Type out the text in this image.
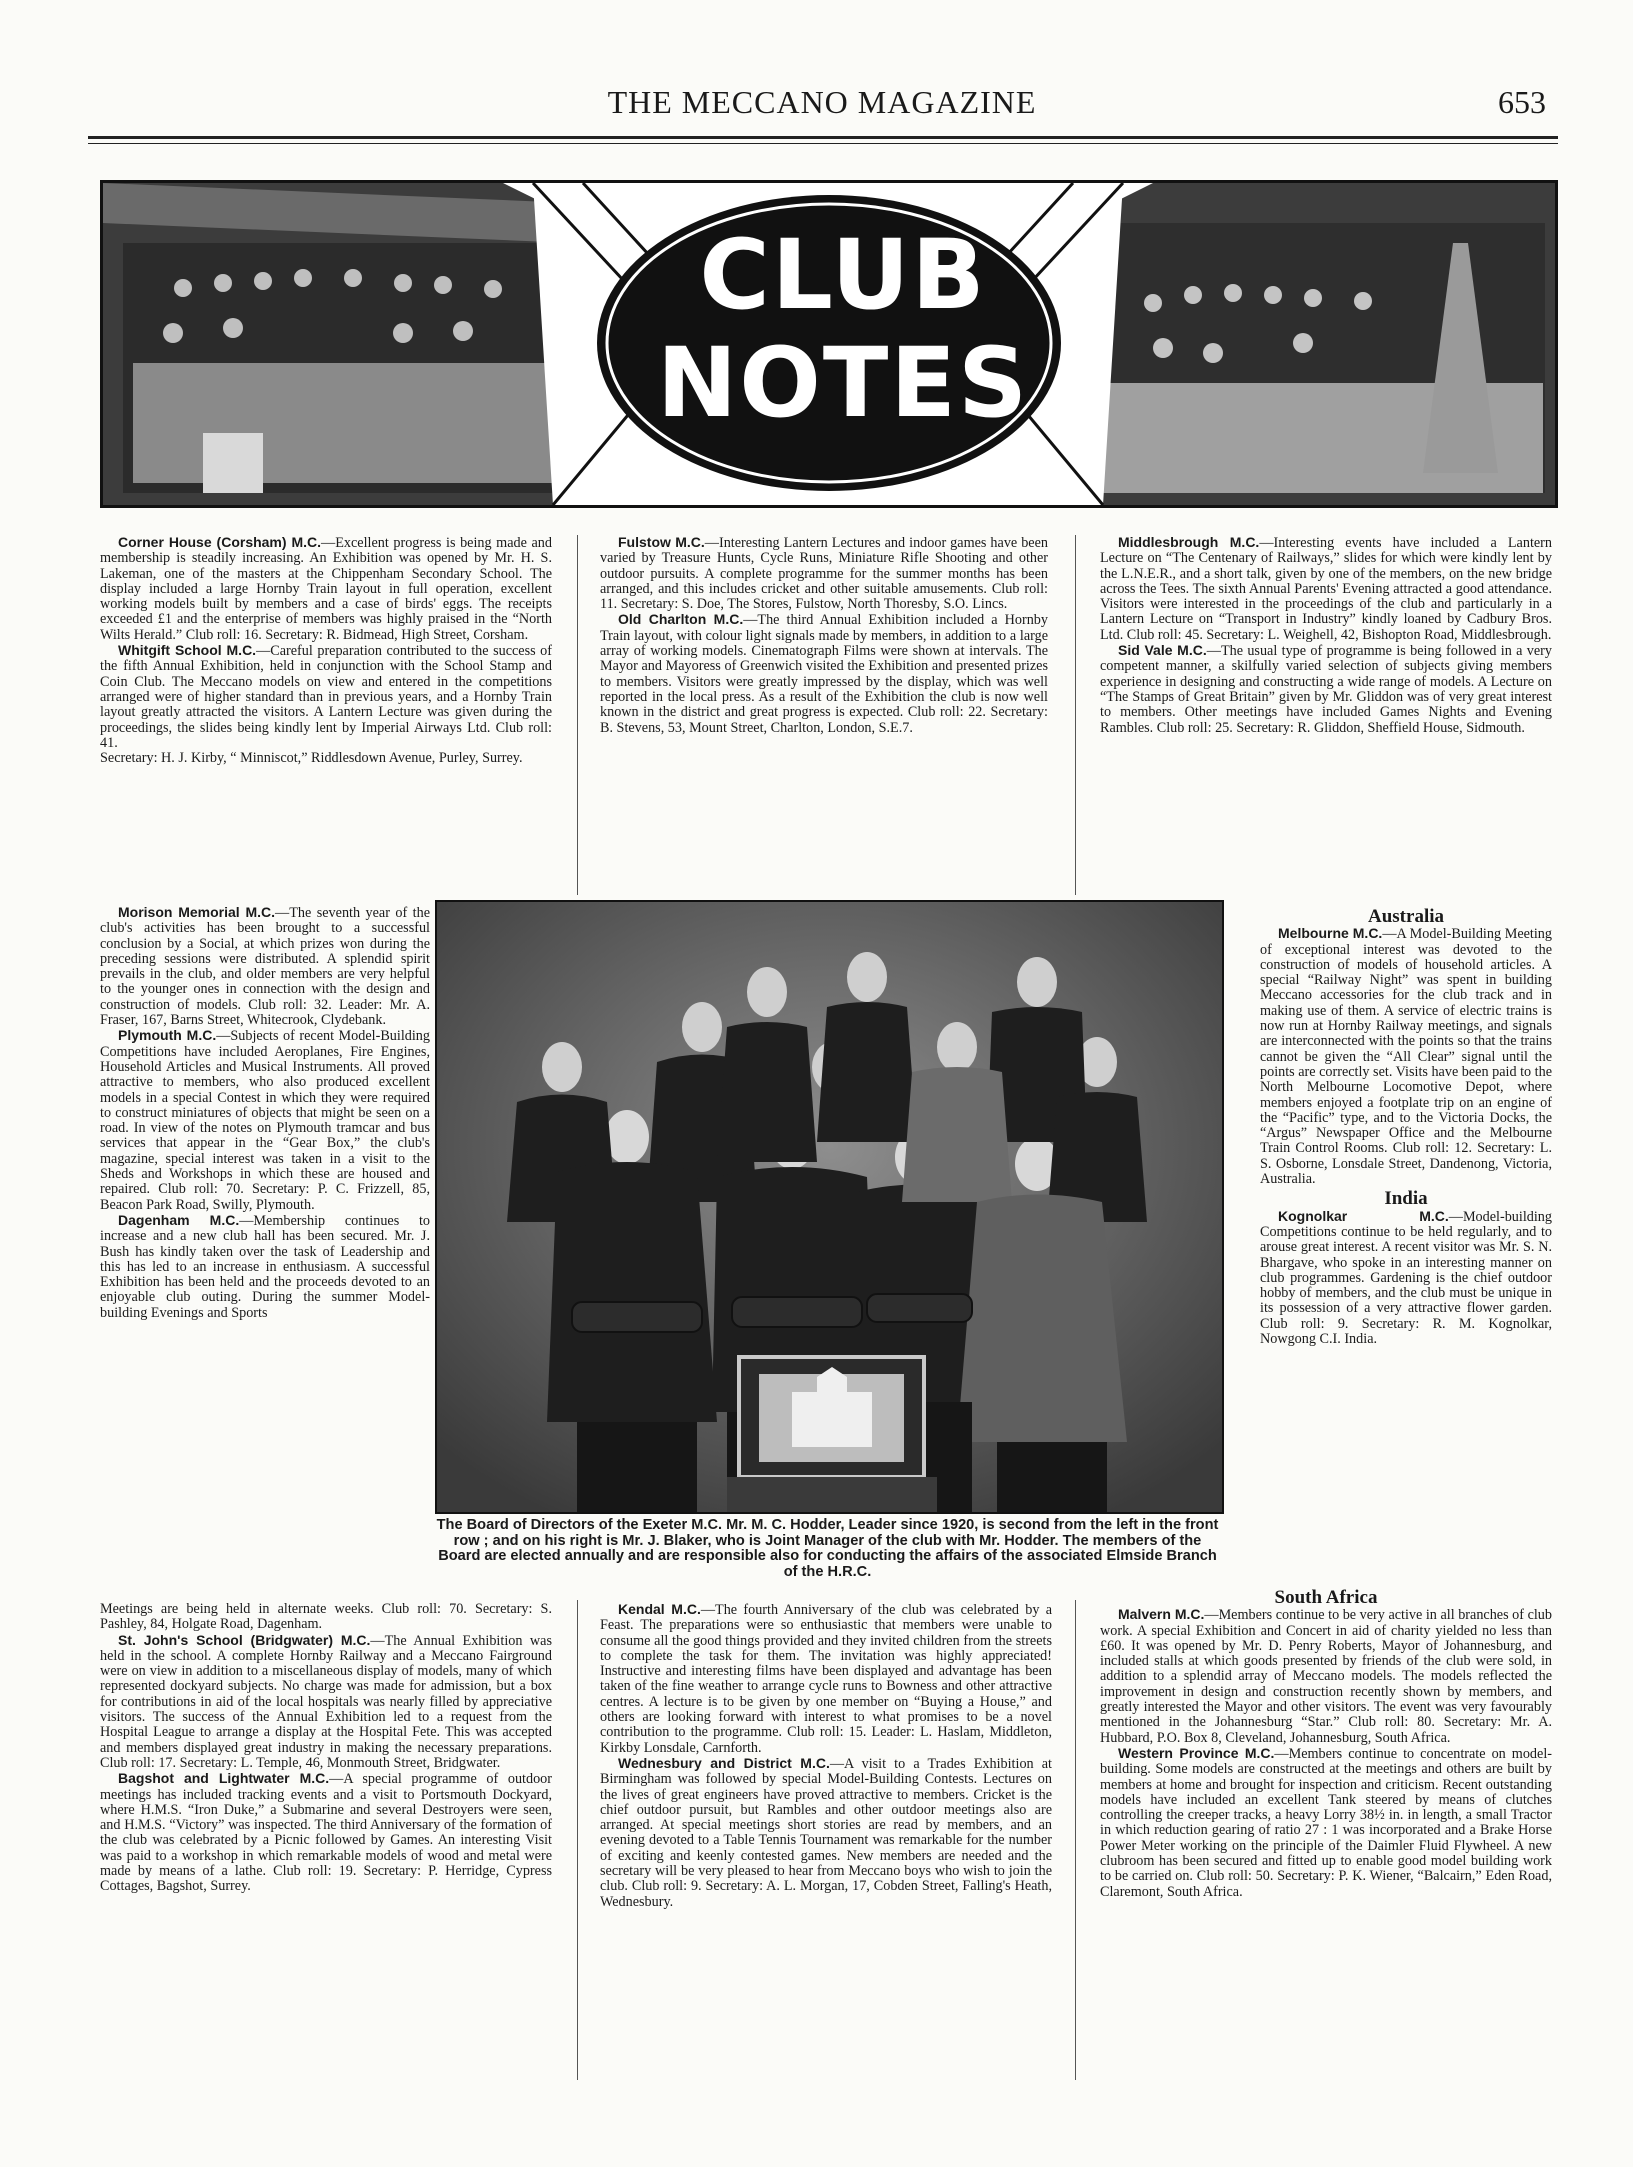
THE MECCANO MAGAZINE	653
CLUB
NOTES

Corner House (Corsham) M.C.—Excellent progress is being made and membership is steadily increasing. An Exhibition was opened by Mr. H. S. Lakeman, one of the masters at the Chippenham Secondary School. The display included a large Hornby Train layout in full operation, excellent working models built by members and a case of birds' eggs. The receipts exceeded £1 and the enterprise of members was highly praised in the “North Wilts Herald.” Club roll: 16. Secretary: R. Bidmead, High Street, Corsham.

Whitgift School M.C.—Careful preparation contributed to the success of the fifth Annual Exhibition, held in conjunction with the School Stamp and Coin Club. The Meccano models on view and entered in the competitions arranged were of higher standard than in previous years, and a Hornby Train layout greatly attracted the visitors. A Lantern Lecture was given during the proceedings, the slides being kindly lent by Imperial Airways Ltd. Club roll: 41.

Secretary: H. J. Kirby, “ Minniscot,” Riddlesdown Avenue, Purley, Surrey.

Morison Memorial M.C.—The seventh year of the club's activities has been brought to a successful conclusion by a Social, at which prizes won during the preceding sessions were distributed. A splendid spirit prevails in the club, and older members are very helpful to the younger ones in connection with the design and construction of models. Club roll: 32. Leader: Mr. A. Fraser, 167, Barns Street, Whitecrook, Clydebank.

Plymouth M.C.—Subjects of recent Model-Building Competitions have included Aeroplanes, Fire Engines, Household Articles and Musical Instruments. All proved attractive to members, who also produced excellent models in a special Contest in which they were required to construct miniatures of objects that might be seen on a road. In view of the notes on Plymouth tramcar and bus services that appear in the “Gear Box,” the club's magazine, special interest was taken in a visit to the Sheds and Workshops in which these are housed and repaired. Club roll: 70. Secretary: P. C. Frizzell, 85, Beacon Park Road, Swilly, Plymouth.

Dagenham M.C.—Membership continues to increase and a new club hall has been secured. Mr. J. Bush has kindly taken over the task of Leadership and this has led to an increase in enthusiasm. A successful Exhibition has been held and the proceeds devoted to an enjoyable club outing. During the summer Model-building Evenings and Sports

Meetings are being held in alternate weeks. Club roll: 70. Secretary: S. Pashley, 84, Holgate Road, Dagenham.

St. John's School (Bridgwater) M.C.—The Annual Exhibition was held in the school. A complete Hornby Railway and a Meccano Fairground were on view in addition to a miscellaneous display of models, many of which represented dockyard subjects. No charge was made for admission, but a box for contributions in aid of the local hospitals was nearly filled by appreciative visitors. The success of the Annual Exhibition led to a request from the Hospital League to arrange a display at the Hospital Fete. This was accepted and members displayed great industry in making the necessary preparations. Club roll: 17. Secretary: L. Temple, 46, Monmouth Street, Bridgwater.

Bagshot and Lightwater M.C.—A special programme of outdoor meetings has included tracking events and a visit to Portsmouth Dockyard, where H.M.S. “Iron Duke,” a Submarine and several Destroyers were seen, and H.M.S. “Victory” was inspected. The third Anniversary of the formation of the club was celebrated by a Picnic followed by Games. An interesting Visit was paid to a workshop in which remarkable models of wood and metal were made by means of a lathe. Club roll: 19. Secretary: P. Herridge, Cypress Cottages, Bagshot, Surrey.

Fulstow M.C.—Interesting Lantern Lectures and indoor games have been varied by Treasure Hunts, Cycle Runs, Miniature Rifle Shooting and other outdoor pursuits. A complete programme for the summer months has been arranged, and this includes cricket and other suitable amusements. Club roll: 11. Secretary: S. Doe, The Stores, Fulstow, North Thoresby, S.O. Lincs.

Old Charlton M.C.—The third Annual Exhibition included a Hornby Train layout, with colour light signals made by members, in addition to a large array of working models. Cinematograph Films were shown at intervals. The Mayor and Mayoress of Greenwich visited the Exhibition and presented prizes to members. Visitors were greatly impressed by the display, which was well reported in the local press. As a result of the Exhibition the club is now well known in the district and great progress is expected. Club roll: 22. Secretary: B. Stevens, 53, Mount Street, Charlton, London, S.E.7.

Kendal M.C.—The fourth Anniversary of the club was celebrated by a Feast. The preparations were so enthusiastic that members were unable to consume all the good things provided and they invited children from the streets to complete the task for them. The invitation was highly appreciated! Instructive and interesting films have been displayed and advantage has been taken of the fine weather to arrange cycle runs to Bowness and other attractive centres. A lecture is to be given by one member on “Buying a House,” and others are looking forward with interest to what promises to be a novel contribution to the programme. Club roll: 15. Leader: L. Haslam, Middleton, Kirkby Lonsdale, Carnforth.

Wednesbury and District M.C.—A visit to a Trades Exhibition at Birmingham was followed by special Model-Building Contests. Lectures on the lives of great engineers have proved attractive to members. Cricket is the chief outdoor pursuit, but Rambles and other outdoor meetings also are arranged. At special meetings short stories are read by members, and an evening devoted to a Table Tennis Tournament was remarkable for the number of exciting and keenly contested games. New members are needed and the secretary will be very pleased to hear from Meccano boys who wish to join the club. Club roll: 9. Secretary: A. L. Morgan, 17, Cobden Street, Falling's Heath, Wednesbury.

Middlesbrough M.C.—Interesting events have included a Lantern Lecture on “The Centenary of Railways,” slides for which were kindly lent by the L.N.E.R., and a short talk, given by one of the members, on the new bridge across the Tees. The sixth Annual Parents' Evening attracted a good attendance. Visitors were interested in the proceedings of the club and particularly in a Lantern Lecture on “Transport in Industry” kindly loaned by Cadbury Bros. Ltd. Club roll: 45. Secretary: L. Weighell, 42, Bishopton Road, Middlesbrough.

Sid Vale M.C.—The usual type of programme is being followed in a very competent manner, a skilfully varied selection of subjects giving members experience in designing and constructing a wide range of models. A Lecture on “The Stamps of Great Britain” given by Mr. Gliddon was of very great interest to members. Other meetings have included Games Nights and Evening Rambles. Club roll: 25. Secretary: R. Gliddon, Sheffield House, Sidmouth.

Australia

Melbourne M.C.—A Model-Building Meeting of exceptional interest was devoted to the construction of models of household articles. A special “Railway Night” was spent in building Meccano accessories for the club track and in making use of them. A service of electric trains is now run at Hornby Railway meetings, and signals are interconnected with the points so that the trains cannot be given the “All Clear” signal until the points are correctly set. Visits have been paid to the North Melbourne Locomotive Depot, where members enjoyed a footplate trip on an engine of the “Pacific” type, and to the Victoria Docks, the “Argus” Newspaper Office and the Melbourne Train Control Rooms. Club roll: 12. Secretary: L. S. Osborne, Lonsdale Street, Dandenong, Victoria, Australia.

India

Kognolkar M.C.—Model-building Competitions continue to be held regularly, and to arouse great interest. A recent visitor was Mr. S. N. Bhargave, who spoke in an interesting manner on club programmes. Gardening is the chief outdoor hobby of members, and the club must be unique in its possession of a very attractive flower garden. Club roll: 9. Secretary: R. M. Kognolkar, Nowgong C.I. India.

South Africa

Malvern M.C.—Members continue to be very active in all branches of club work. A special Exhibition and Concert in aid of charity yielded no less than £60. It was opened by Mr. D. Penry Roberts, Mayor of Johannesburg, and included stalls at which goods presented by friends of the club were sold, in addition to a splendid array of Meccano models. The models reflected the improvement in design and construction recently shown by members, and greatly interested the Mayor and other visitors. The event was very favourably mentioned in the Johannesburg “Star.” Club roll: 80. Secretary: Mr. A. Hubbard, P.O. Box 8, Cleveland, Johannesburg, South Africa.

Western Province M.C.—Members continue to concentrate on model-building. Some models are constructed at the meetings and others are built by members at home and brought for inspection and criticism. Recent outstanding models have included an excellent Tank steered by means of clutches controlling the creeper tracks, a heavy Lorry 38½ in. in length, a small Tractor in which reduction gearing of ratio 27 : 1 was incorporated and a Brake Horse Power Meter working on the principle of the Daimler Fluid Flywheel. A new clubroom has been secured and fitted up to enable good model building work to be carried on. Club roll: 50. Secretary: P. K. Wiener, “Balcairn,” Eden Road, Claremont, South Africa.

The Board of Directors of the Exeter M.C. Mr. M. C. Hodder, Leader since 1920, is second from the left in the front row ; and on his right is Mr. J. Blaker, who is Joint Manager of the club with Mr. Hodder. The members of the Board are elected annually and are responsible also for conducting the affairs of the associated Elmside Branch of the H.R.C.
